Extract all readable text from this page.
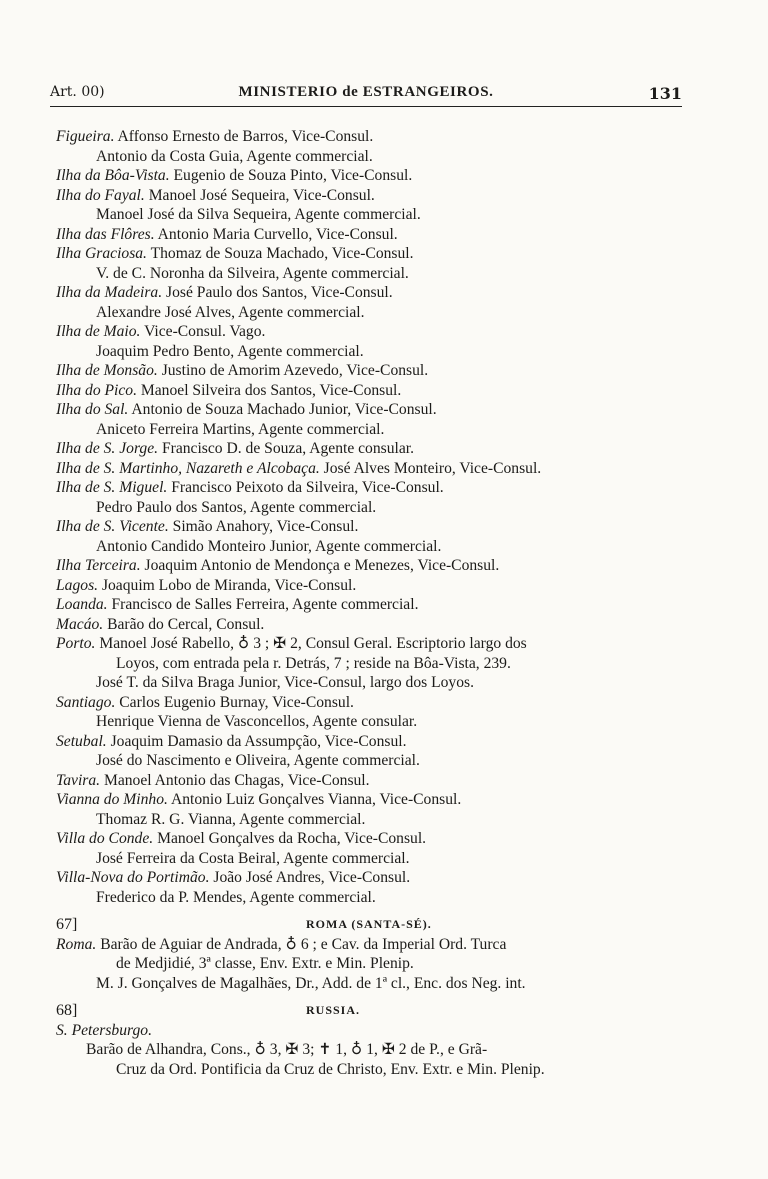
Art. 00)	MINISTERIO de ESTRANGEIROS.	131
Figueira. Affonso Ernesto de Barros, Vice-Consul.
Antonio da Costa Guia, Agente commercial.
Ilha da Bôa-Vista. Eugenio de Souza Pinto, Vice-Consul.
Ilha do Fayal. Manoel José Sequeira, Vice-Consul.
Manoel José da Silva Sequeira, Agente commercial.
Ilha das Flôres. Antonio Maria Curvello, Vice-Consul.
Ilha Graciosa. Thomaz de Souza Machado, Vice-Consul.
V. de C. Noronha da Silveira, Agente commercial.
Ilha da Madeira. José Paulo dos Santos, Vice-Consul.
Alexandre José Alves, Agente commercial.
Ilha de Maio. Vice-Consul. Vago.
Joaquim Pedro Bento, Agente commercial.
Ilha de Monsão. Justino de Amorim Azevedo, Vice-Consul.
Ilha do Pico. Manoel Silveira dos Santos, Vice-Consul.
Ilha do Sal. Antonio de Souza Machado Junior, Vice-Consul.
Aniceto Ferreira Martins, Agente commercial.
Ilha de S. Jorge. Francisco D. de Souza, Agente consular.
Ilha de S. Martinho, Nazareth e Alcobaça. José Alves Monteiro, Vice-Consul.
Ilha de S. Miguel. Francisco Peixoto da Silveira, Vice-Consul.
Pedro Paulo dos Santos, Agente commercial.
Ilha de S. Vicente. Simão Anahory, Vice-Consul.
Antonio Candido Monteiro Junior, Agente commercial.
Ilha Terceira. Joaquim Antonio de Mendonça e Menezes, Vice-Consul.
Lagos. Joaquim Lobo de Miranda, Vice-Consul.
Loanda. Francisco de Salles Ferreira, Agente commercial.
Macáo. Barão do Cercal, Consul.
Porto. Manoel José Rabello, ♁ 3 ; ✠ 2, Consul Geral. Escriptorio largo dos
Loyos, com entrada pela r. Detrás, 7 ; reside na Bôa-Vista, 239.
José T. da Silva Braga Junior, Vice-Consul, largo dos Loyos.
Santiago. Carlos Eugenio Burnay, Vice-Consul.
Henrique Vienna de Vasconcellos, Agente consular.
Setubal. Joaquim Damasio da Assumpção, Vice-Consul.
José do Nascimento e Oliveira, Agente commercial.
Tavira. Manoel Antonio das Chagas, Vice-Consul.
Vianna do Minho. Antonio Luiz Gonçalves Vianna, Vice-Consul.
Thomaz R. G. Vianna, Agente commercial.
Villa do Conde. Manoel Gonçalves da Rocha, Vice-Consul.
José Ferreira da Costa Beiral, Agente commercial.
Villa-Nova do Portimão. João José Andres, Vice-Consul.
Frederico da P. Mendes, Agente commercial.
67]	ROMA (SANTA-SÉ).
Roma. Barão de Aguiar de Andrada, ♁ 6 ; e Cav. da Imperial Ord. Turca
de Medjidié, 3ª classe, Env. Extr. e Min. Plenip.
M. J. Gonçalves de Magalhães, Dr., Add. de 1ª cl., Enc. dos Neg. int.
68]	RUSSIA.
S. Petersburgo.
Barão de Alhandra, Cons., ♁ 3, ✠ 3; ✝ 1, ♁ 1, ✠ 2 de P., e Grã-
Cruz da Ord. Pontificia da Cruz de Christo, Env. Extr. e Min. Plenip.
